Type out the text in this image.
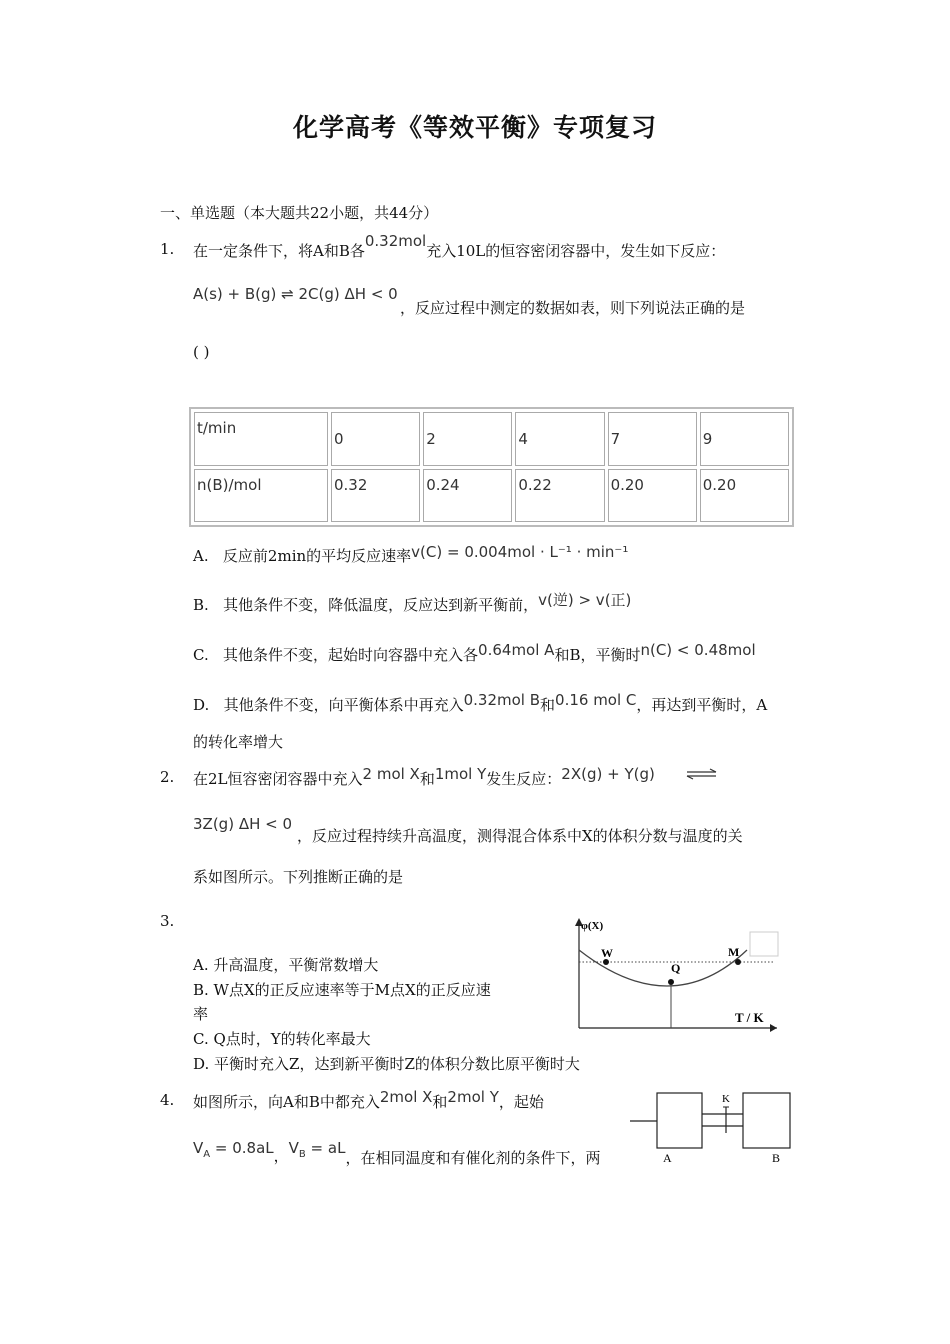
化学高考《等效平衡》专项复习
一、单选题（本大题共22小题，共44分）
1. 在一定条件下，将A和B各0.32mol充入10L的恒容密闭容器中，发生如下反应：
A(s) + B(g) ⇌ 2C(g) ΔH < 0
，反应过程中测定的数据如表，则下列说法正确的是
( )
t/min	0	2	4	7	9
n(B)/mol	0.32	0.24	0.22	0.20	0.20
A. 反应前2min的平均反应速率v(C) = 0.004mol · L⁻¹ · min⁻¹
B. 其他条件不变，降低温度，反应达到新平衡前，v(逆) > v(正)
C. 其他条件不变，起始时向容器中充入各0.64mol A和B，平衡时n(C) < 0.48mol
D. 其他条件不变，向平衡体系中再充入0.32mol B和0.16 mol C，再达到平衡时，A
的转化率增大
2. 在2L恒容密闭容器中充入2 mol X和1mol Y发生反应：2X(g) + Y(g)
3Z(g) ΔH < 0
，反应过程持续升高温度，测得混合体系中X的体积分数与温度的关
系如图所示。下列推断正确的是
3.
A. 升高温度，平衡常数增大
B. W点X的正反应速率等于M点X的正反应速
率
C. Q点时，Y的转化率最大
D. 平衡时充入Z，达到新平衡时Z的体积分数比原平衡时大
φ(X)
W
Q
M
T / K
4. 如图所示，向A和B中都充入2mol X和2mol Y，起始
$V_A = 0.8aL$，$V_B$ = aL，在相同温度和有催化剂的条件下，两
K
A	B
